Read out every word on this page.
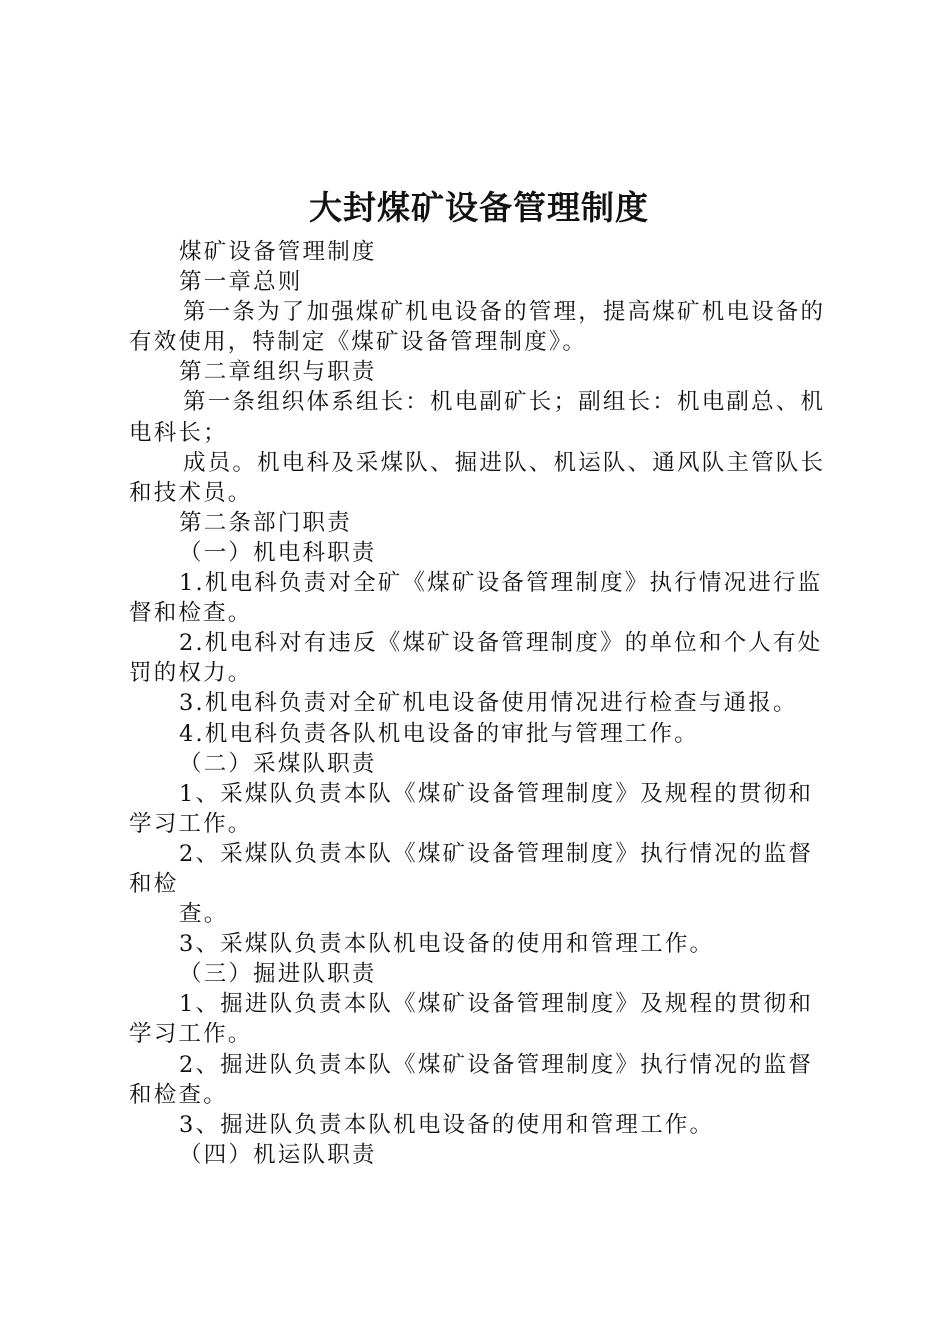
大封煤矿设备管理制度

煤矿设备管理制度

第一章总则

第一条为了加强煤矿机电设备的管理，提高煤矿机电设备的有效使用，特制定《煤矿设备管理制度》。

第二章组织与职责

第一条组织体系组长：机电副矿长；副组长：机电副总、机电科长；

成员。机电科及采煤队、掘进队、机运队、通风队主管队长和技术员。

第二条部门职责

（一）机电科职责

1.机电科负责对全矿《煤矿设备管理制度》执行情况进行监督和检查。

2.机电科对有违反《煤矿设备管理制度》的单位和个人有处罚的权力。

3.机电科负责对全矿机电设备使用情况进行检查与通报。

4.机电科负责各队机电设备的审批与管理工作。

（二）采煤队职责

1、采煤队负责本队《煤矿设备管理制度》及规程的贯彻和学习工作。

2、采煤队负责本队《煤矿设备管理制度》执行情况的监督和检

查。

3、采煤队负责本队机电设备的使用和管理工作。

（三）掘进队职责

1、掘进队负责本队《煤矿设备管理制度》及规程的贯彻和学习工作。

2、掘进队负责本队《煤矿设备管理制度》执行情况的监督和检查。

3、掘进队负责本队机电设备的使用和管理工作。

（四）机运队职责
